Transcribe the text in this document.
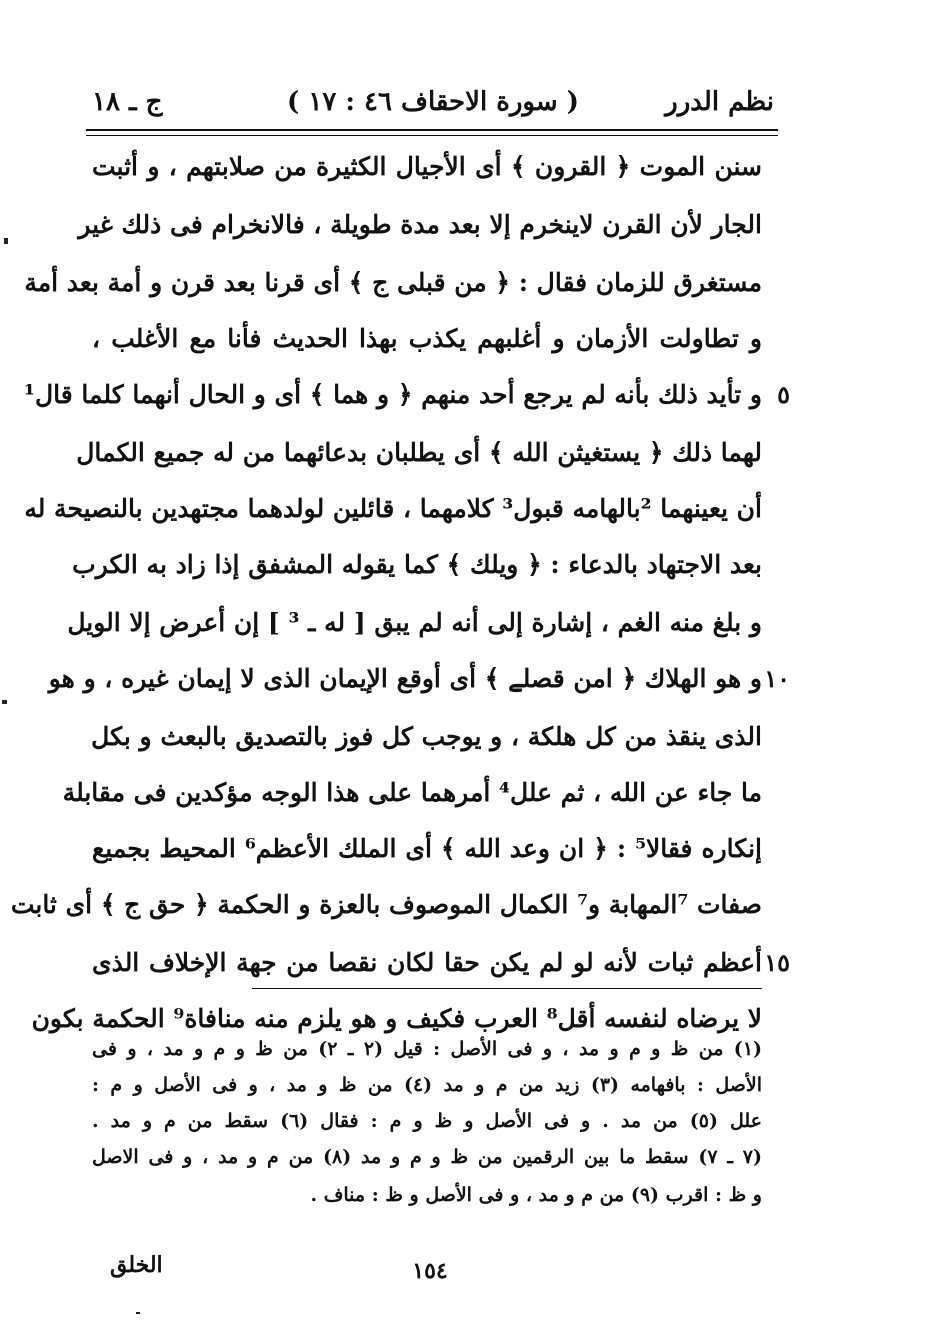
نظم الدرر
( سورة الاحقاف ٤٦ : ١٧ )
ج ـ ١٨
سنن الموت ﴿ القرون ﴾ أى الأجيال الكثيرة من صلابتهم ، و أثبت
الجار لأن القرن لاينخرم إلا بعد مدة طويلة ، فالانخرام فى ذلك غير
مستغرق للزمان فقال : ﴿ من قبلى ج ﴾ أى قرنا بعد قرن و أمة بعد أمة
و تطاولت الأزمان و أغلبهم يكذب بهذا الحديث فأنا مع الأغلب ،
و تأيد ذلك بأنه لم يرجع أحد منهم ﴿ و هما ﴾ أى و الحال أنهما كلما قال¹
لهما ذلك ﴿ يستغيثن الله ﴾ أى يطلبان بدعائهما من له جميع الكمال
أن يعينهما ²بالهامه قبول³ كلامهما ، قائلين لولدهما مجتهدين بالنصيحة له
بعد الاجتهاد بالدعاء : ﴿ ويلك ﴾ كما يقوله المشفق إذا زاد به الكرب
و بلغ منه الغم ، إشارة إلى أنه لم يبق [ له ـ ³ ] إن أعرض إلا الويل
و هو الهلاك ﴿ امن قصلے ﴾ أى أوقع الإيمان الذى لا إيمان غيره ، و هو
الذى ينقذ من كل هلكة ، و يوجب كل فوز بالتصديق بالبعث و بكل
ما جاء عن الله ، ثم علل⁴ أمرهما على هذا الوجه مؤكدين فى مقابلة
إنكاره فقالا⁵ : ﴿ ان وعد الله ﴾ أى الملك الأعظم⁶ المحيط بجميع
صفات ⁷المهابة و⁷ الكمال الموصوف بالعزة و الحكمة ﴿ حق ج ﴾ أى ثابت
أعظم ثبات لأنه لو لم يكن حقا لكان نقصا من جهة الإخلاف الذى
لا يرضاه لنفسه أقل⁸ العرب فكيف و هو يلزم منه منافاة⁹ الحكمة بكون
٥
١٠
١٥
(١) من ظ و م و مد ، و فى الأصل : قيل (٢ ـ ٢) من ظ و م و مد ، و فى
الأصل : بافهامه (٣) زيد من م و مد (٤) من ظ و مد ، و فى الأصل و م :
علل (٥) من مد . و فى الأصل و ظ و م : فقال (٦) سقط من م و مد .
(٧ ـ ٧) سقط ما بين الرقمين من ظ و م و مد (٨) من م و مد ، و فى الاصل
و ظ : اقرب (٩) من م و مد ، و فى الأصل و ظ : مناف .
١٥٤
الخلق
